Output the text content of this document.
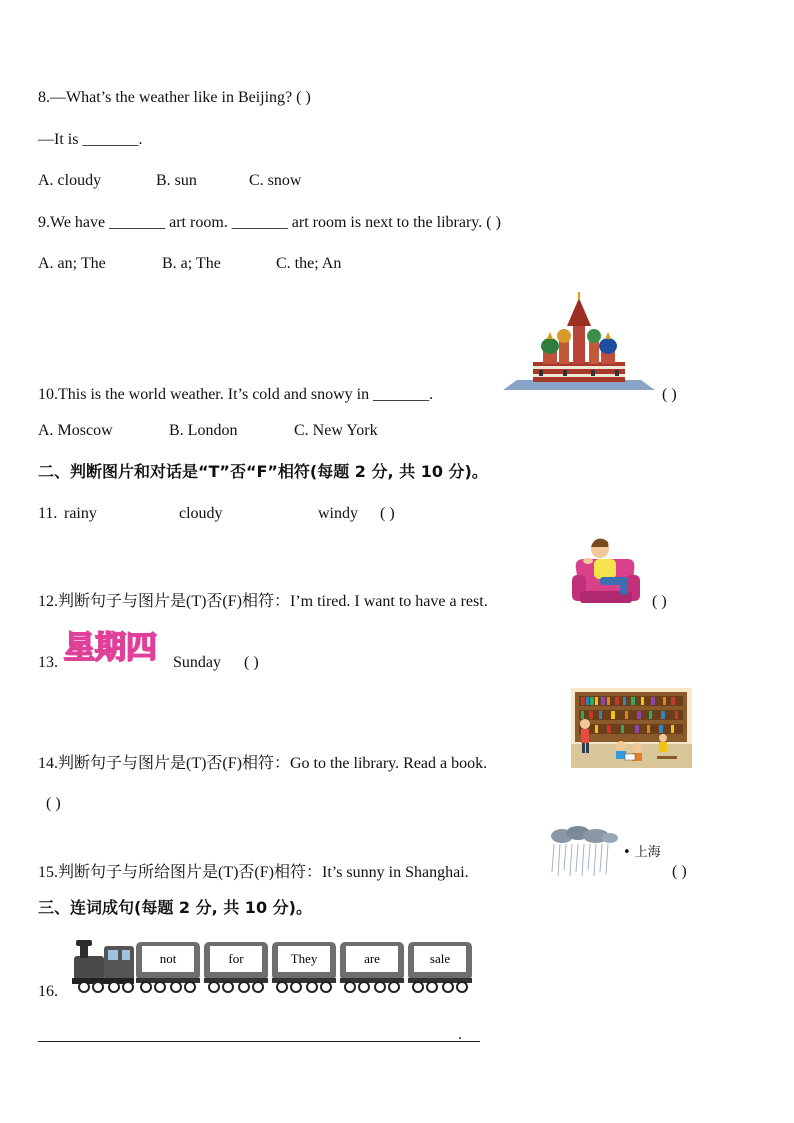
8.—What’s the weather like in Beijing? ( )
—It is _______.
A. cloudy	B. sun	C. snow
9.We have _______ art room. _______ art room is next to the library. ( )
A. an; The	B. a; The	C. the; An
10.This is the world weather. It’s cold and snowy in _______.	( )
A. Moscow	B. London	C. New York
二、判断图片和对话是“T”否“F”相符(每题 2 分, 共 10 分)。
11. rainy	cloudy	windy ( )
12.判断句子与图片是(T)否(F)相符：I’m tired. I want to have a rest.	( )
13. 星期四 Sunday ( )
14.判断句子与图片是(T)否(F)相符：Go to the library. Read a book.
( )
• 上海
15.判断句子与所给图片是(T)否(F)相符：It’s sunny in Shanghai.	( )
三、连词成句(每题 2 分, 共 10 分)。
16.
not	for	They	are	sale
.
